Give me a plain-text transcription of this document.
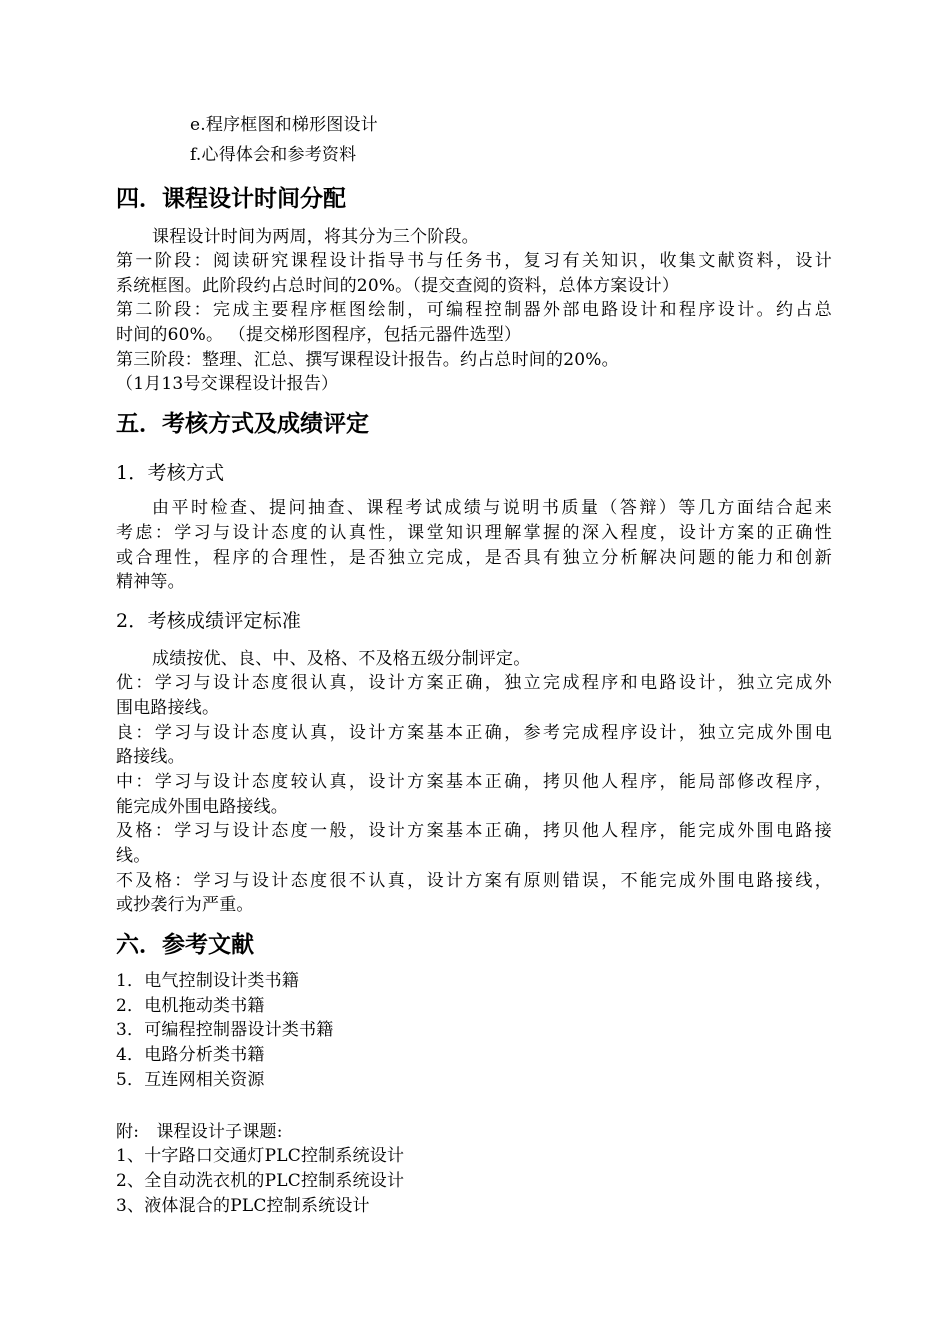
e.程序框图和梯形图设计
f.心得体会和参考资料
四．课程设计时间分配
课程设计时间为两周，将其分为三个阶段。
第一阶段：阅读研究课程设计指导书与任务书，复习有关知识，收集文献资料，设计
系统框图。此阶段约占总时间的20%。（提交查阅的资料，总体方案设计）
第二阶段：完成主要程序框图绘制，可编程控制器外部电路设计和程序设计。约占总
时间的60%。 （提交梯形图程序，包括元器件选型）
第三阶段：整理、汇总、撰写课程设计报告。约占总时间的20%。
（1月13号交课程设计报告）
五．考核方式及成绩评定
1．考核方式
由平时检查、提问抽查、课程考试成绩与说明书质量（答辩）等几方面结合起来
考虑：学习与设计态度的认真性，课堂知识理解掌握的深入程度，设计方案的正确性
或合理性，程序的合理性，是否独立完成，是否具有独立分析解决问题的能力和创新
精神等。
2．考核成绩评定标准
成绩按优、良、中、及格、不及格五级分制评定。
优：学习与设计态度很认真，设计方案正确，独立完成程序和电路设计，独立完成外
围电路接线。
良：学习与设计态度认真，设计方案基本正确，参考完成程序设计，独立完成外围电
路接线。
中：学习与设计态度较认真，设计方案基本正确，拷贝他人程序，能局部修改程序，
能完成外围电路接线。
及格：学习与设计态度一般，设计方案基本正确，拷贝他人程序，能完成外围电路接
线。
不及格：学习与设计态度很不认真，设计方案有原则错误，不能完成外围电路接线，
或抄袭行为严重。
六．参考文献
1．电气控制设计类书籍
2．电机拖动类书籍
3．可编程控制器设计类书籍
4．电路分析类书籍
5．互连网相关资源
附:　课程设计子课题:
1、十字路口交通灯PLC控制系统设计
2、全自动洗衣机的PLC控制系统设计
3、液体混合的PLC控制系统设计
